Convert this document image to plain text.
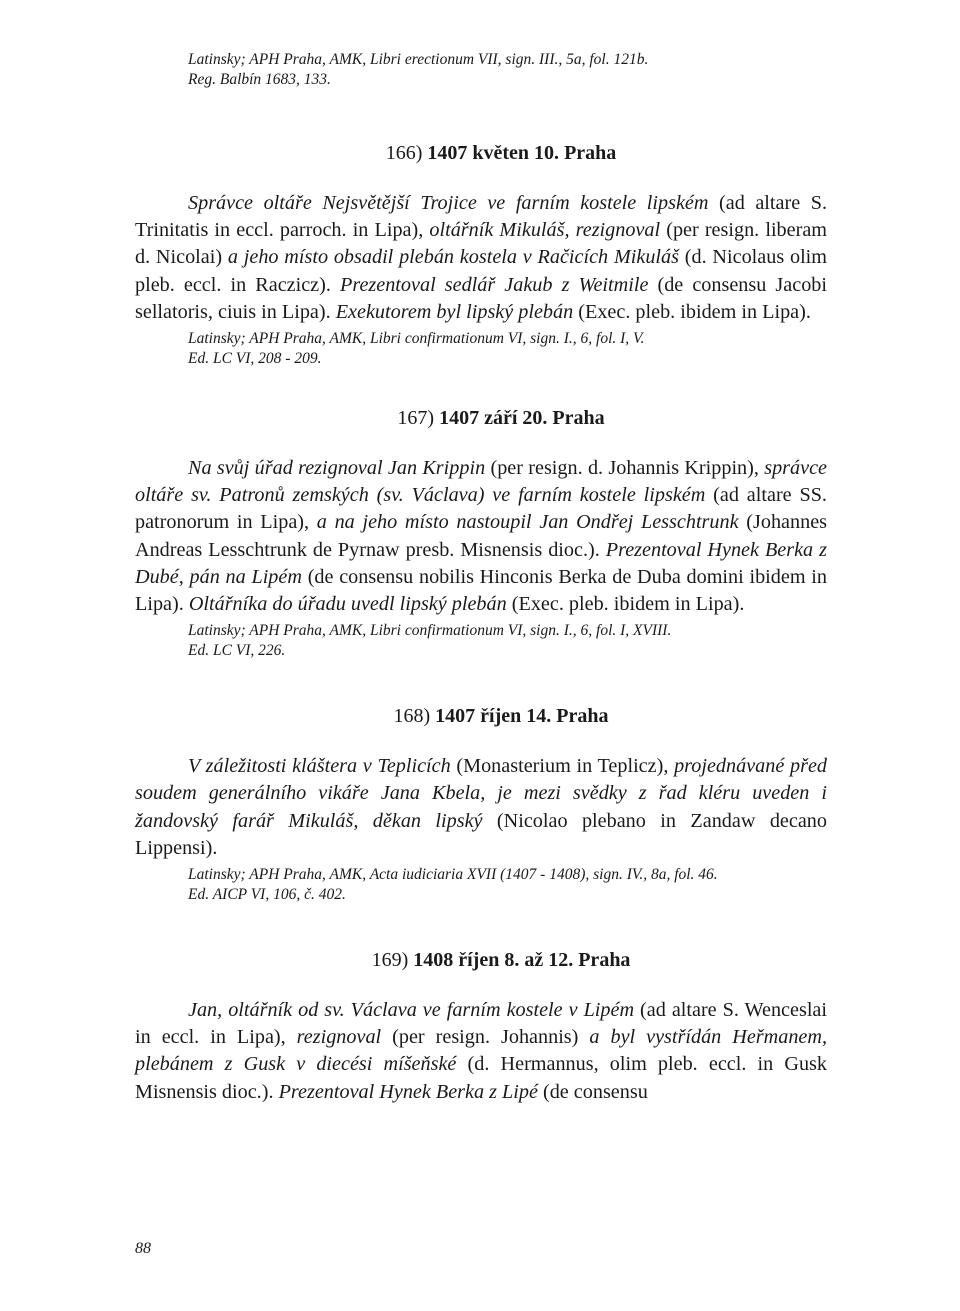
Latinsky; APH Praha, AMK, Libri erectionum VII, sign. III., 5a, fol. 121b.
Reg. Balbín 1683, 133.

166) 1407 květen 10. Praha

Správce oltáře Nejsvětější Trojice ve farním kostele lipském (ad altare S. Trinitatis in eccl. parroch. in Lipa), oltářník Mikuláš, rezignoval (per resign. liberam d. Nicolai) a jeho místo obsadil plebán kostela v Račicích Mikuláš (d. Nicolaus olim pleb. eccl. in Raczicz). Prezentoval sedlář Jakub z Weitmile (de consensu Jacobi sellatoris, ciuis in Lipa). Exekutorem byl lipský plebán (Exec. pleb. ibidem in Lipa).

Latinsky; APH Praha, AMK, Libri confirmationum VI, sign. I., 6, fol. I, V.
Ed. LC VI, 208 - 209.

167) 1407 září 20. Praha

Na svůj úřad rezignoval Jan Krippin (per resign. d. Johannis Krippin), správce oltáře sv. Patronů zemských (sv. Václava) ve farním kostele lipském (ad altare SS. patronorum in Lipa), a na jeho místo nastoupil Jan Ondřej Lesschtrunk (Johannes Andreas Lesschtrunk de Pyrnaw presb. Misnensis dioc.). Prezentoval Hynek Berka z Dubé, pán na Lipém (de consensu nobilis Hinconis Berka de Duba domini ibidem in Lipa). Oltářníka do úřadu uvedl lipský plebán (Exec. pleb. ibidem in Lipa).

Latinsky; APH Praha, AMK, Libri confirmationum VI, sign. I., 6, fol. I, XVIII.
Ed. LC VI, 226.

168) 1407 říjen 14. Praha

V záležitosti kláštera v Teplicích (Monasterium in Teplicz), projednávané před soudem generálního vikáře Jana Kbela, je mezi svědky z řad kléru uveden i žandovský farář Mikuláš, děkan lipský (Nicolao plebano in Zandaw decano Lippensi).

Latinsky; APH Praha, AMK, Acta iudiciaria XVII (1407 - 1408), sign. IV., 8a, fol. 46.
Ed. AICP VI, 106, č. 402.

169) 1408 říjen 8. až 12. Praha

Jan, oltářník od sv. Václava ve farním kostele v Lipém (ad altare S. Wenceslai in eccl. in Lipa), rezignoval (per resign. Johannis) a byl vystřídán Heřmanem, plebánem z Gusk v diecési míšeňské (d. Hermannus, olim pleb. eccl. in Gusk Misnensis dioc.). Prezentoval Hynek Berka z Lipé (de consensu

88
